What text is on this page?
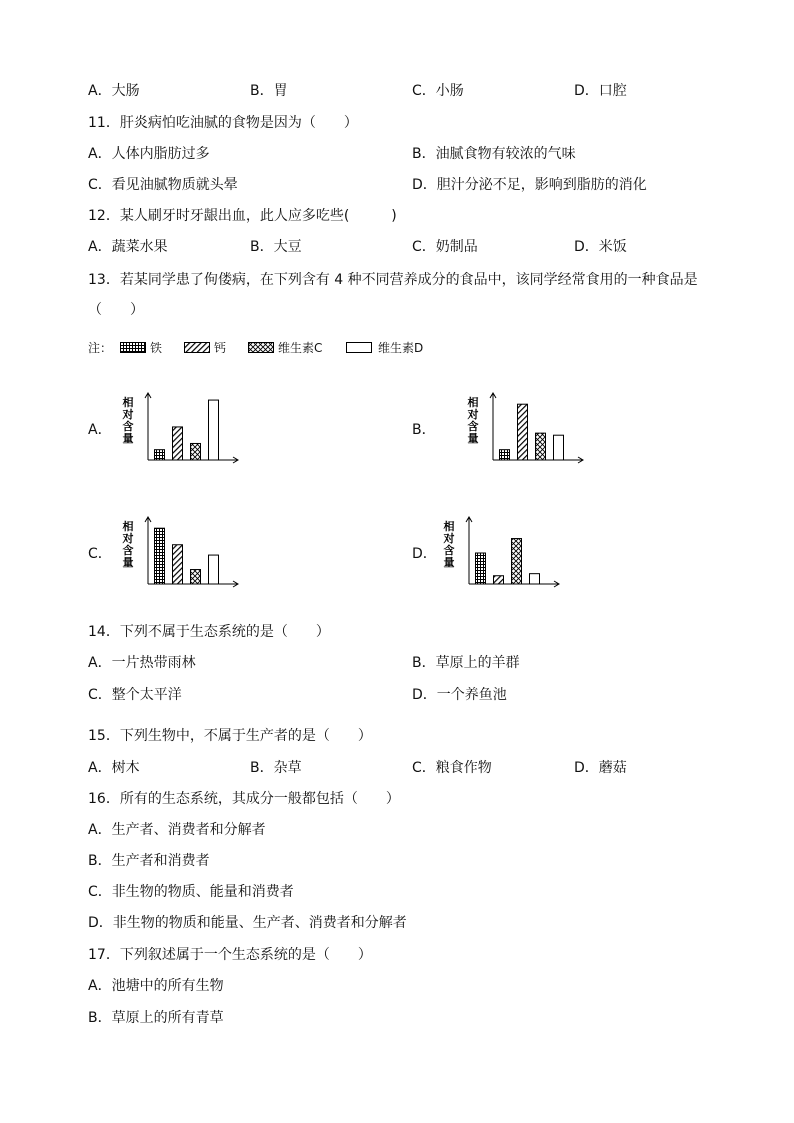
A．大肠	B．胃	C．小肠	D．口腔
11．肝炎病怕吃油腻的食物是因为（　　）
A．人体内脂肪过多	B．油腻食物有较浓的气味
C．看见油腻物质就头晕	D．胆汁分泌不足，影响到脂肪的消化
12．某人刷牙时牙龈出血，此人应多吃些(　　　)
A．蔬菜水果	B．大豆	C．奶制品	D．米饭
13．若某同学患了佝偻病，在下列含有 4 种不同营养成分的食品中，该同学经常食用的一种食品是
（　　）
注：	铁	钙	维生素C	维生素D
A．	B．
C．	D．
相
对
含
量
相
对
含
量
相
对
含
量
相
对
含
量
14．下列不属于生态系统的是（　　）
A．一片热带雨林	B．草原上的羊群
C．整个太平洋	D．一个养鱼池
15．下列生物中，不属于生产者的是（　　）
A．树木	B．杂草	C．粮食作物	D．蘑菇
16．所有的生态系统，其成分一般都包括（　　）
A．生产者、消费者和分解者
B．生产者和消费者
C．非生物的物质、能量和消费者
D．非生物的物质和能量、生产者、消费者和分解者
17．下列叙述属于一个生态系统的是（　　）
A．池塘中的所有生物
B．草原上的所有青草
